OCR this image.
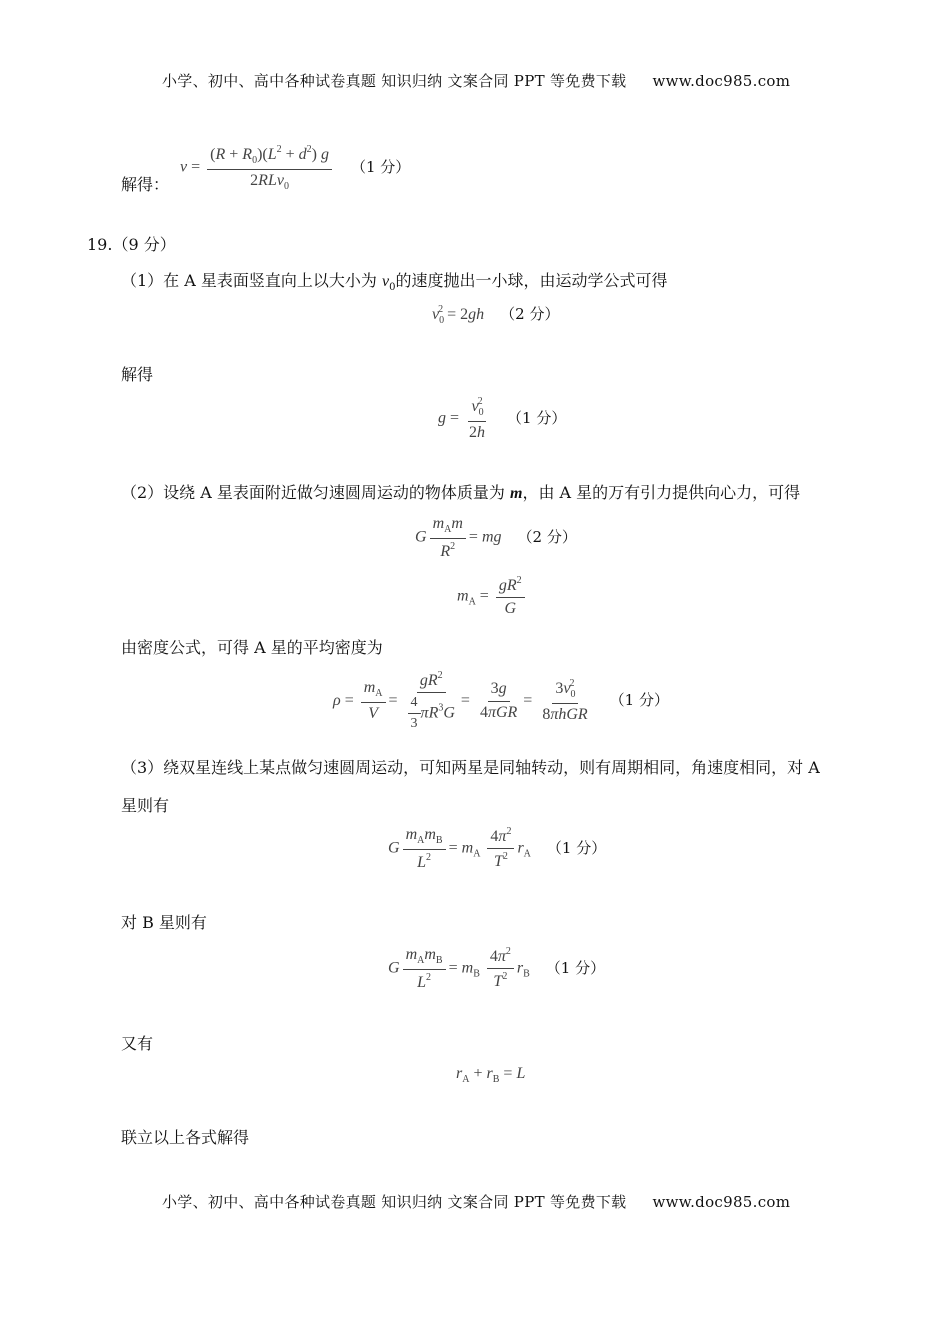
小学、初中、高中各种试卷真题 知识归纳 文案合同 PPT 等免费下载 www.doc985.com
解得：
$v = \frac{(R + R_0)(L^2 + d^2) g}{2RLv_0} (1$ 分）
19.（9 分）
（1）在 A 星表面竖直向上以大小为 $v_0$的速度抛出一小球，由运动学公式可得
$v_0^2 = 2gh$ （2 分）
解得
$g = \frac{v_0^2}{2h} (1$ 分）
（2）设绕 A 星表面附近做匀速圆周运动的物体质量为 m，由 A 星的万有引力提供向心力，可得
G $\frac{m_Am}{R^2}$ = mg （2 分）
$m_A = \frac{gR^2}{G}$
由密度公式，可得 A 星的平均密度为
$\rho = \frac{m_A}{V} = \frac{gR^2}{\frac{4}{3} \pi R^3G} = \frac{3g}{\text{4πGR}} = \frac{3v_0^2}{\text{8πhGR}} (1$ 分）
（3）绕双星连线上某点做匀速圆周运动，可知两星是同轴转动，则有周期相同，角速度相同，对 A
星则有
G $\frac{m_Am_B}{L^2} = m_A \frac{4\pi^2}{T^2} r_A$ （1 分）
对 B 星则有
G $\frac{m_Am_B}{L^2} = m_B \frac{4\pi^2}{T^2} r_B$ （1 分）
又有
$r_A + r_B = L$
联立以上各式解得
小学、初中、高中各种试卷真题 知识归纳 文案合同 PPT 等免费下载 www.doc985.com
